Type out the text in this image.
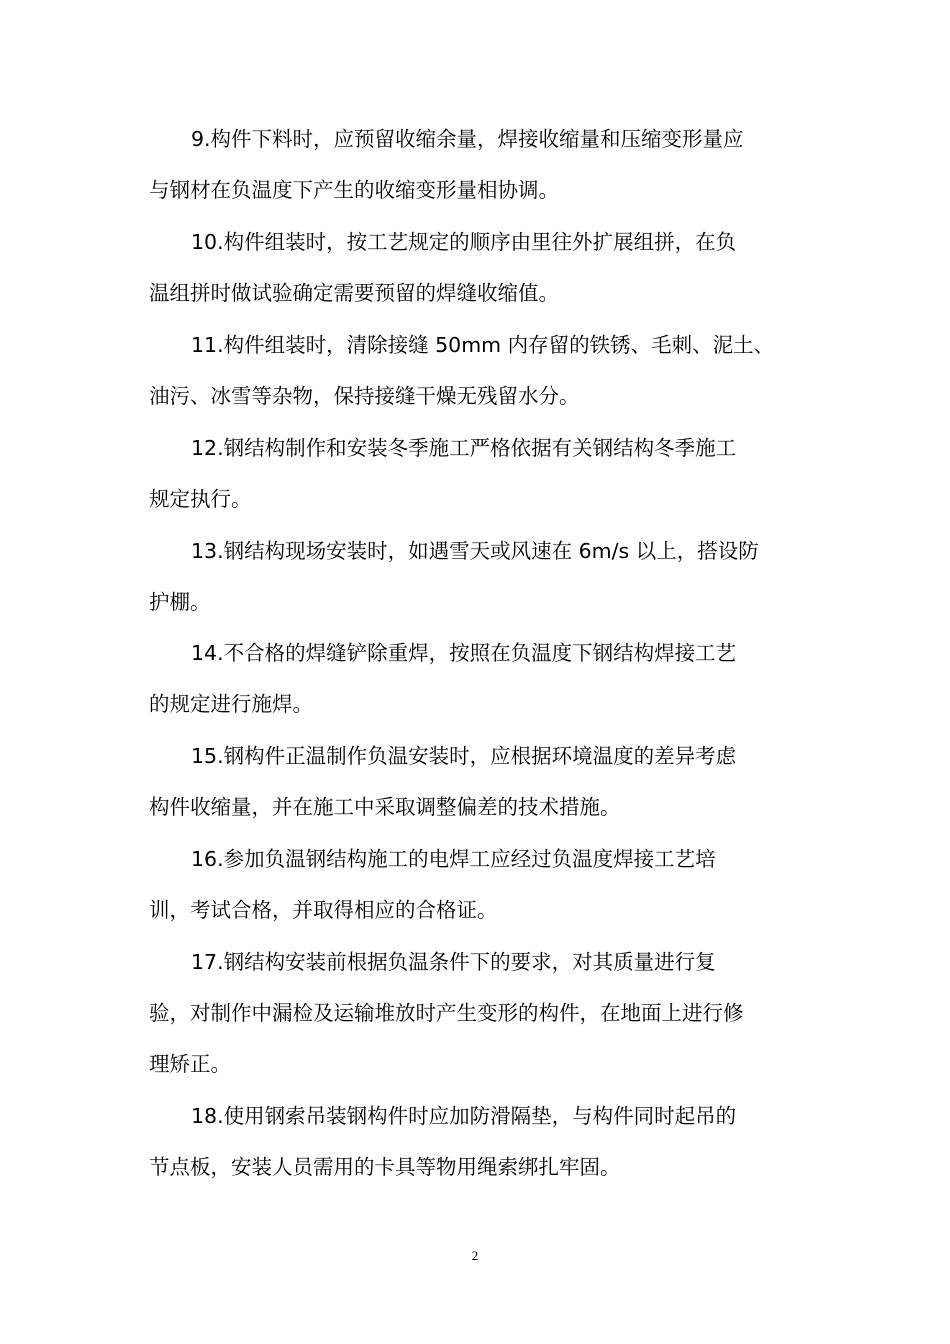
9.构件下料时，应预留收缩余量，焊接收缩量和压缩变形量应
与钢材在负温度下产生的收缩变形量相协调。
10.构件组装时，按工艺规定的顺序由里往外扩展组拼，在负
温组拼时做试验确定需要预留的焊缝收缩值。
11.构件组装时，清除接缝 50mm 内存留的铁锈、毛刺、泥土、
油污、冰雪等杂物，保持接缝干燥无残留水分。
12.钢结构制作和安装冬季施工严格依据有关钢结构冬季施工
规定执行。
13.钢结构现场安装时，如遇雪天或风速在 6m/s 以上，搭设防
护棚。
14.不合格的焊缝铲除重焊，按照在负温度下钢结构焊接工艺
的规定进行施焊。
15.钢构件正温制作负温安装时，应根据环境温度的差异考虑
构件收缩量，并在施工中采取调整偏差的技术措施。
16.参加负温钢结构施工的电焊工应经过负温度焊接工艺培
训，考试合格，并取得相应的合格证。
17.钢结构安装前根据负温条件下的要求，对其质量进行复
验，对制作中漏检及运输堆放时产生变形的构件，在地面上进行修
理矫正。
18.使用钢索吊装钢构件时应加防滑隔垫，与构件同时起吊的
节点板，安装人员需用的卡具等物用绳索绑扎牢固。
2
